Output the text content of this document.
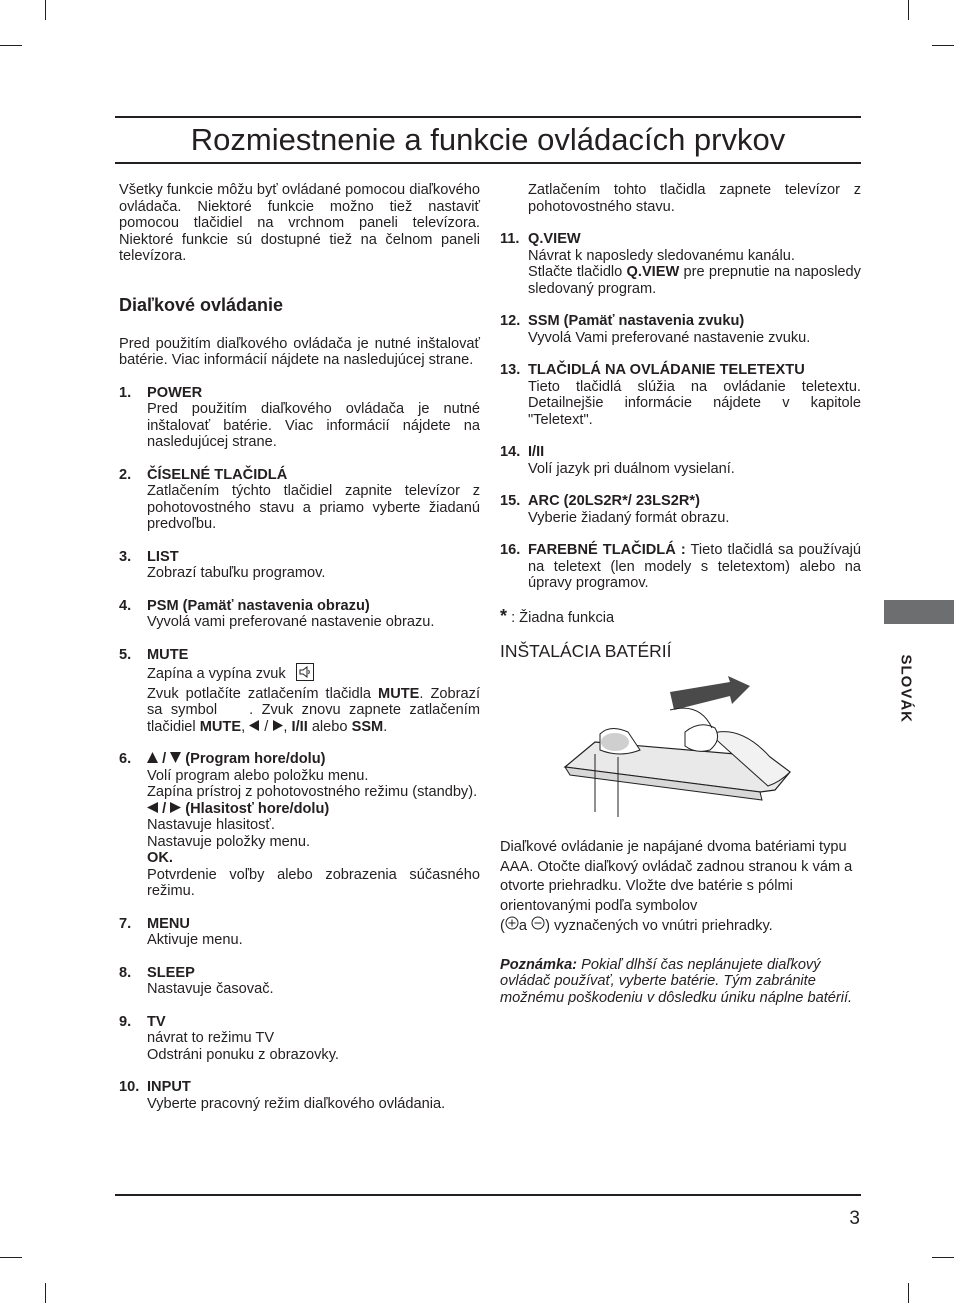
Rozmiestnenie a funkcie ovládacích prvkov

Všetky funkcie môžu byť ovládané pomocou diaľkového ovládača. Niektoré funkcie možno tiež nastaviť pomocou tlačidiel na vrchnom paneli televízora. Niektoré funkcie sú dostupné tiež na čelnom paneli televízora.

Diaľkové ovládanie

Pred použitím diaľkového ovládača je nutné inštalovať batérie. Viac informácií nájdete na nasledujúcej strane.

1. POWER
Pred použitím diaľkového ovládača je nutné inštalovať batérie. Viac informácií nájdete na nasledujúcej strane.
2. ČÍSELNÉ TLAČIDLÁ
Zatlačením týchto tlačidiel zapnite televízor z pohotovostného stavu a priamo vyberte žiadanú predvoľbu.
3. LIST
Zobrazí tabuľku programov.
4. PSM (Pamäť nastavenia obrazu)
Vyvolá vami preferované nastavenie obrazu.
5. MUTE
Zapína a vypína zvuk
Zvuk potlačíte zatlačením tlačidla MUTE. Zobrazí sa symbol . Zvuk znovu zapnete zatlačením tlačidiel MUTE, / , I/II alebo SSM.
6.	/ (Program hore/dolu)
Volí program alebo položku menu.
Zapína prístroj z pohotovostného režimu (standby).
/ (Hlasitosť hore/dolu)
Nastavuje hlasitosť.
Nastavuje položky menu.
OK.
Potvrdenie voľby alebo zobrazenia súčasného režimu.
7. MENU
Aktivuje menu.
8. SLEEP
Nastavuje časovač.
9. TV
návrat to režimu TV
Odstráni ponuku z obrazovky.
10. INPUT
Vyberte pracovný režim diaľkového ovládania.
Zatlačením tohto tlačidla zapnete televízor z pohotovostného stavu.
11. Q.VIEW
Návrat k naposledy sledovanému kanálu.
Stlačte tlačidlo Q.VIEW pre prepnutie na naposledy sledovaný program.
12. SSM (Pamäť nastavenia zvuku)
Vyvolá Vami preferované nastavenie zvuku.
13. TLAČIDLÁ NA OVLÁDANIE TELETEXTU
Tieto tlačidlá slúžia na ovládanie teletextu. Detailnejšie informácie nájdete v kapitole "Teletext".
14. I/II
Volí jazyk pri duálnom vysielaní.
15. ARC (20LS2R*/ 23LS2R*)
Vyberie žiadaný formát obrazu.
16. FAREBNÉ TLAČIDLÁ : Tieto tlačidlá sa používajú na teletext (len modely s teletextom) alebo na úpravy programov.
* : Žiadna funkcia

INŠTALÁCIA BATÉRIÍ

Diaľkové ovládanie je napájané dvoma batériami typu AAA. Otočte diaľkový ovládač zadnou stranou k vám a otvorte priehradku. Vložte dve batérie s pólmi orientovanými podľa symbolov
( a ) vyznačených vo vnútri priehradky.

Poznámka: Pokiaľ dlhší čas neplánujete diaľkový ovládač používať, vyberte batérie. Tým zabránite možnému poškodeniu v dôsledku úniku náplne batérií.

SLOVÁK
3
